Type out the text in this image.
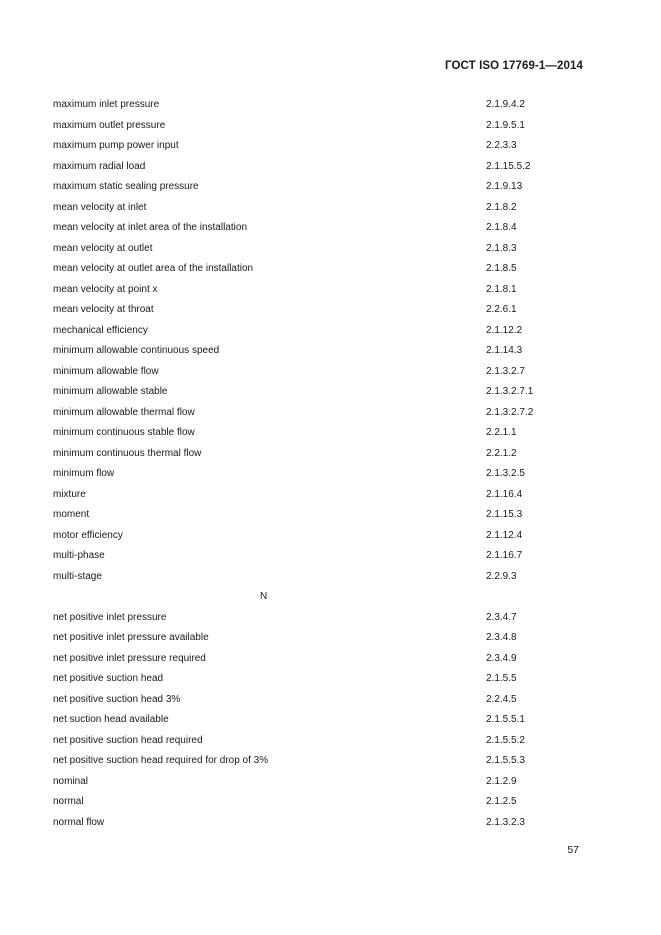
ГОСТ ISO 17769-1—2014
maximum inlet pressure	2.1.9.4.2
maximum outlet pressure	2.1.9.5.1
maximum pump power input	2.2.3.3
maximum radial load	2.1.15.5.2
maximum static sealing pressure	2.1.9.13
mean velocity at inlet	2.1.8.2
mean velocity at inlet area of the installation	2.1.8.4
mean velocity at outlet	2.1.8.3
mean velocity at outlet area of the installation	2.1.8.5
mean velocity at point x	2.1.8.1
mean velocity at throat	2.2.6.1
mechanical efficiency	2.1.12.2
minimum allowable continuous speed	2.1.14.3
minimum allowable flow	2.1.3.2.7
minimum allowable stable	2.1.3.2.7.1
minimum allowable thermal flow	2.1.3.2.7.2
minimum continuous stable flow	2.2.1.1
minimum continuous thermal flow	2.2.1.2
minimum flow	2.1.3.2.5
mixture	2.1.16.4
moment	2.1.15.3
motor efficiency	2.1.12.4
multi-phase	2.1.16.7
multi-stage	2.2.9.3
N
net positive inlet pressure	2.3.4.7
net positive inlet pressure available	2.3.4.8
net positive inlet pressure required	2.3.4.9
net positive suction head	2.1.5.5
net positive suction head 3%	2.2.4.5
net suction head available	2.1.5.5.1
net positive suction head required	2.1.5.5.2
net positive suction head required for drop of 3%	2.1.5.5.3
nominal	2.1.2.9
normal	2.1.2.5
normal flow	2.1.3.2.3
57
